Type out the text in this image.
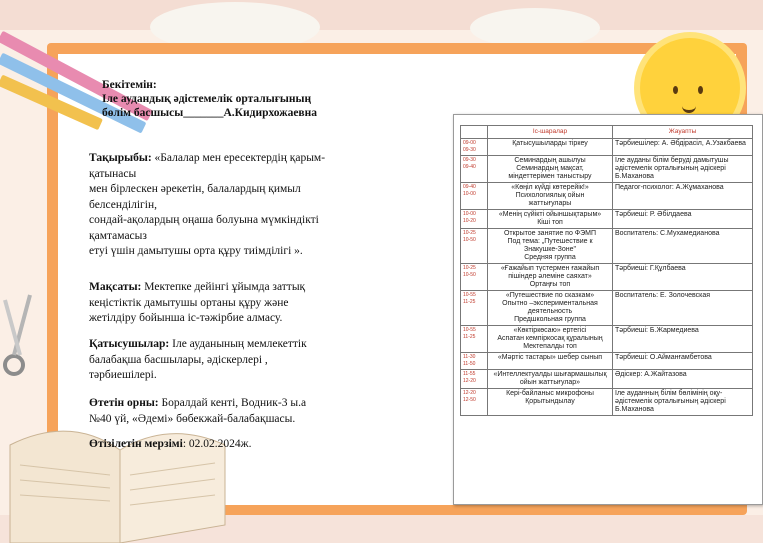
Бекітемін:
Іле аудандық әдістемелік орталығының
бөлім басшысы_______А.Кидирхожаевна
Тақырыбы: «Балалар мен ересектердің қарым-
қатынасы
мен бірлескен әрекетін, балалардың қимыл
белсенділігін,
сондай-ақолардың оңаша болуына мүмкіндікті
қамтамасыз
етуі үшін дамытушы орта құру тиімділігі ».
Мақсаты: Мектепке дейінгі ұйымда заттық
кеңістіктік дамытушы ортаны құру және
жетілдіру бойынша іс-тәжірбие алмасу.
Қатысушылар: Іле ауданының мемлекеттік
балабақша басшылары, әдіскерлері ,
тәрбиешілері.
Өтетін орны: Боралдай кенті, Водник-3 ы.а
№40 үй, «Әдемі» бөбекжай-балабақшасы.
Өтізілетін мерзімі: 02.02.2024ж.
	Іс-шаралар	Жауапты
09-00
09-30	Қатысушыларды тіркеу	Тәрбиешілер: А. Әбдірасіл, А.Узакбаева
09-30
09-40	Семинардың ашылуы
Семинардың мақсат,
міндеттерімен таныстыру	Іле ауданы білім беруді дамытушы
әдістемелік орталығының әдіскері
Б.Маханова
09-40
10-00	«Көңіл күйді көтерейік!»
Психологиялық ойын
жаттығулары	Педагог-психолог: А.Жұмаханова
10-00
10-20	«Менің сүйікті ойыншықтарым»
Кіші топ	Тәрбиеші: Р. Әбілдаева
10-25
10-50	Открытое занятие по ФЭМП
Под тема: „Путешествие к
Знакушке-Зоне"
Средняя группа	Воспитатель: С.Мухамедианова
10-25
10-50	«Ғажайып түстермен ғажайып
пішіндер әлеміне саяхат»
Ортаңғы топ	Тәрбиеші: Г.Құлбаева
10-55
11-25	«Путешествие по сказкам»
Опытно –экспериментальная
деятельность
Предшкольная группа	Воспитатель: Е. Золочевская
10-55
11-25	«Көктіркөсаю» ертегісі
Аспатан кемпіркосақ құралының
Мектепалды топ	Тәрбиеші: Б.Жармедиева
11-30
11-50	«Мәртіс тастары» шебер сынып	Тәрбиеші: О.Айманғамбетова
11-55
12-20	«Интеллектуалды шығармашылық
ойын жаттығулар»	Әдіскер: А.Жайтазова
12-20
12-50	Кері-байланыс микрофоны
Қорытындылау	Іле ауданның білім бөлімінің оқу-
әдістемелік орталығының әдіскері
Б.Маханова
